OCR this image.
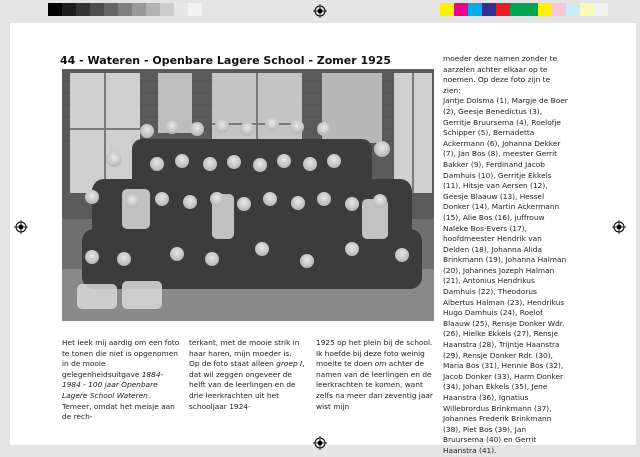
44 - Wateren - Openbare Lagere School - Zomer 1925

Het leek mij aardig om een foto te tonen die niet is opgenomen in de mooie gelegenheidsuitgave 1884-1984 - 100 jaar Openbare Lagere School Wateren. Temeer, omdat het meisje aan de rech-

terkant, met de mooie strik in haar haren, mijn moeder is.

Op de foto staat alleen groep I, dat wil zeggen ongeveer de helft van de leerlingen en de drie leerkrachten uit het schooljaar 1924-

1925 op het plein bij de school. Ik hoefde bij deze foto weinig moeite te doen om achter de namen van de leerlingen en de leerkrachten te komen, want zelfs na meer dan zeventig jaar wist mijn

moeder deze namen zonder te aarzelen achter elkaar op te noemen. Op deze foto zijn te zien:

Jantje Dolsma (1), Margje de Boer (2), Geesje Benedictus (3), Gerritje Bruursema (4), Roelofje Schipper (5), Bernadetta Ackermann (6), Johanna Dekker (7), Jan Bos (8), meester Gerrit Bakker (9), Ferdinand Jacob Damhuis (10), Gerritje Ekkels (11), Hitsje van Aersen (12), Geesje Blaauw (13), Hessel Donker (14), Martin Ackermann (15), Alie Bos (16), juffrouw Naleke Bos-Evers (17), hoofdmeester Hendrik van Delden (18), Johanna Alida Brinkmann (19), Johanna Halman (20), Johannes Jozeph Halman (21), Antonius Hendrikus Damhuis (22), Theodorus Albertus Halman (23), Hendrikus Hugo Damhuis (24), Roelof Blaauw (25), Rensje Donker Wdr. (26), Hielke Ekkels (27), Rensje Haanstra (28), Trijntje Haanstra (29), Rensje Donker Rdr. (30), Maria Bos (31), Hennie Bos (32), Jacob Donker (33), Harm Donker (34), Johan Ekkels (35), Jene Haanstra (36), Ignatius Willebrordus Brinkmann (37), Johannes Frederik Brinkmann (38), Piet Bos (39), Jan Bruursema (40) en Gerrit Haanstra (41).
